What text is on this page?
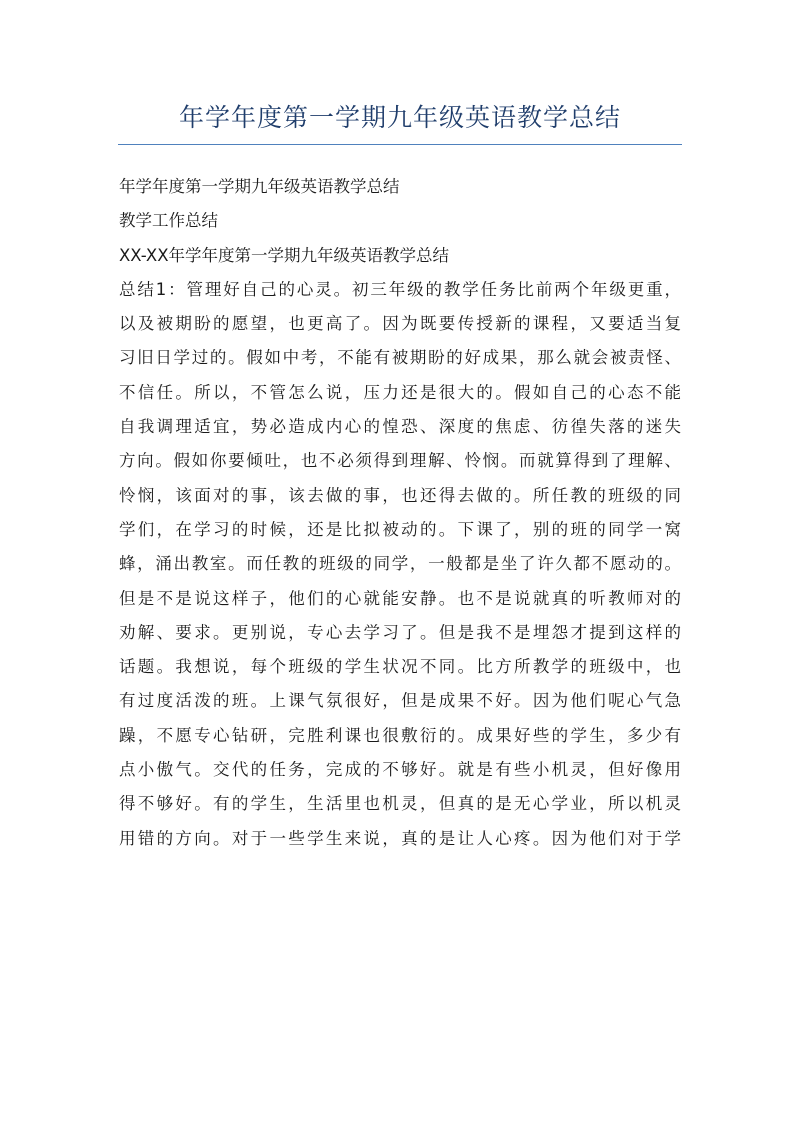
年学年度第一学期九年级英语教学总结

年学年度第一学期九年级英语教学总结

教学工作总结

XX-XX年学年度第一学期九年级英语教学总结

总结1：管理好自己的心灵。初三年级的教学任务比前两个年级更重，

以及被期盼的愿望，也更高了。因为既要传授新的课程，又要适当复

习旧日学过的。假如中考，不能有被期盼的好成果，那么就会被责怪、

不信任。所以，不管怎么说，压力还是很大的。假如自己的心态不能

自我调理适宜，势必造成内心的惶恐、深度的焦虑、彷徨失落的迷失

方向。假如你要倾吐，也不必须得到理解、怜悯。而就算得到了理解、

怜悯，该面对的事，该去做的事，也还得去做的。所任教的班级的同

学们，在学习的时候，还是比拟被动的。下课了，别的班的同学一窝

蜂，涌出教室。而任教的班级的同学，一般都是坐了许久都不愿动的。

但是不是说这样子，他们的心就能安静。也不是说就真的听教师对的

劝解、要求。更别说，专心去学习了。但是我不是埋怨才提到这样的

话题。我想说，每个班级的学生状况不同。比方所教学的班级中，也

有过度活泼的班。上课气氛很好，但是成果不好。因为他们呢心气急

躁，不愿专心钻研，完胜利课也很敷衍的。成果好些的学生，多少有

点小傲气。交代的任务，完成的不够好。就是有些小机灵，但好像用

得不够好。有的学生，生活里也机灵，但真的是无心学业，所以机灵

用错的方向。对于一些学生来说，真的是让人心疼。因为他们对于学
